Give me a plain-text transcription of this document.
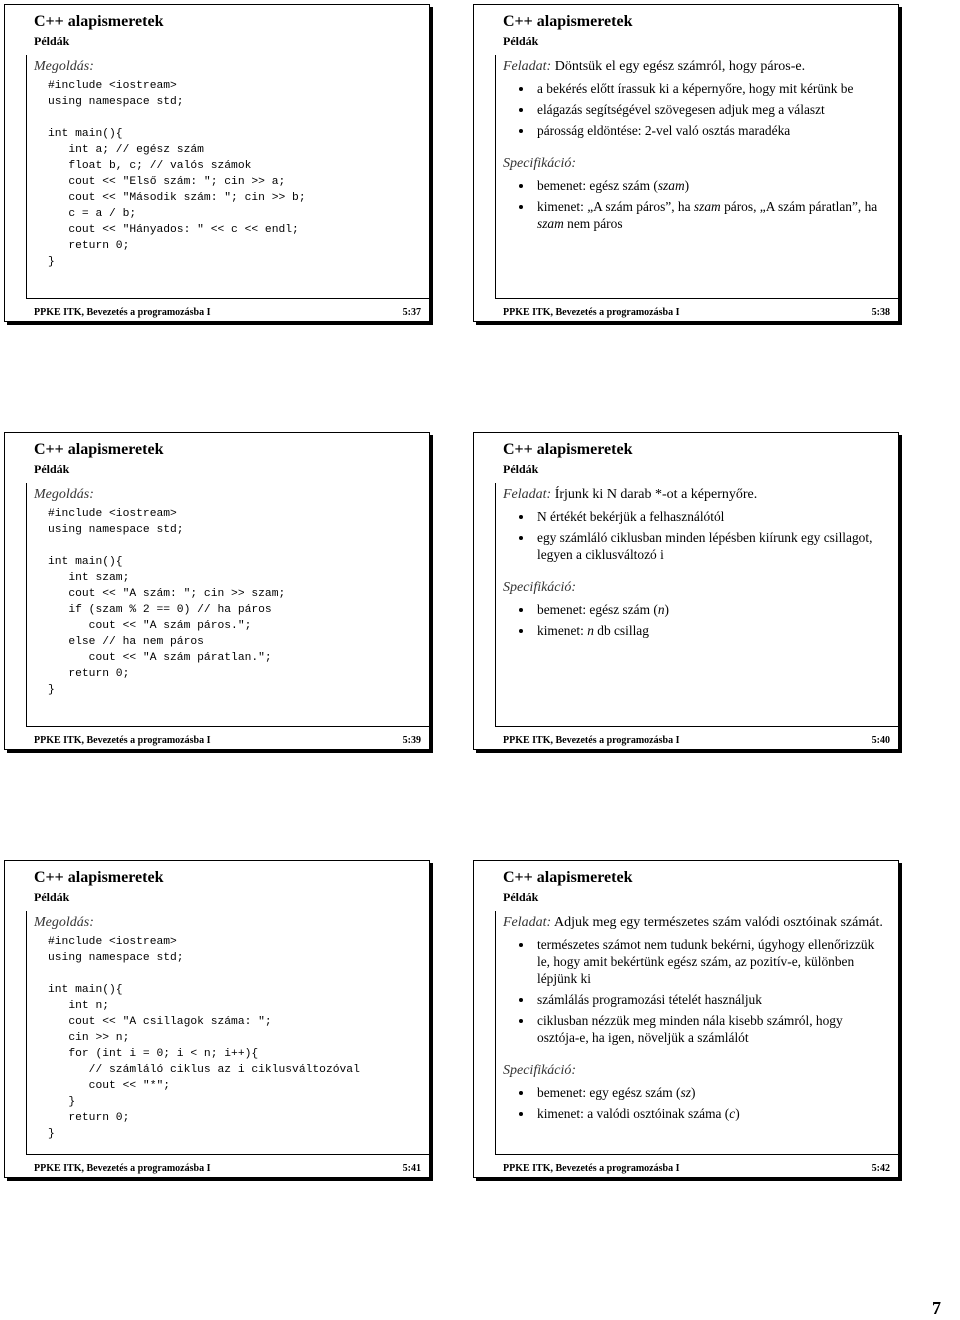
C++ alapismeretek
Példák
Megoldás:
#include <iostream>
using namespace std;

int main(){
int a; // egész szám
float b, c; // valós számok
cout << "Első szám: "; cin >> a;
cout << "Második szám: "; cin >> b;
c = a / b;
cout << "Hányados: " << c << endl;
return 0;
}
PPKE ITK, Bevezetés a programozásba I	5:37
C++ alapismeretek
Példák
Feladat: Döntsük el egy egész számról, hogy páros-e.
a bekérés előtt írassuk ki a képernyőre, hogy mit kérünk be
elágazás segítségével szövegesen adjuk meg a választ
párosság eldöntése: 2-vel való osztás maradéka
Specifikáció:
bemenet: egész szám (szam)
kimenet: „A szám páros”, ha szam páros, „A szám páratlan”, ha szam nem páros
PPKE ITK, Bevezetés a programozásba I	5:38
C++ alapismeretek
Példák
Megoldás:
#include <iostream>
using namespace std;

int main(){
int szam;
cout << "A szám: "; cin >> szam;
if (szam % 2 == 0) // ha páros
cout << "A szám páros.";
else // ha nem páros
cout << "A szám páratlan.";
return 0;
}
PPKE ITK, Bevezetés a programozásba I	5:39
C++ alapismeretek
Példák
Feladat: Írjunk ki N darab *-ot a képernyőre.
N értékét bekérjük a felhasználótól
egy számláló ciklusban minden lépésben kiírunk egy csillagot, legyen a ciklusváltozó i
Specifikáció:
bemenet: egész szám (n)
kimenet: n db csillag
PPKE ITK, Bevezetés a programozásba I	5:40
C++ alapismeretek
Példák
Megoldás:
#include <iostream>
using namespace std;

int main(){
int n;
cout << "A csillagok száma: ";
cin >> n;
for (int i = 0; i < n; i++){
// számláló ciklus az i ciklusváltozóval
cout << "*";
}
return 0;
}
PPKE ITK, Bevezetés a programozásba I	5:41
C++ alapismeretek
Példák
Feladat: Adjuk meg egy természetes szám valódi osztóinak számát.
természetes számot nem tudunk bekérni, úgyhogy ellenőrizzük le, hogy amit bekértünk egész szám, az pozitív-e, különben lépjünk ki
számlálás programozási tételét használjuk
ciklusban nézzük meg minden nála kisebb számról, hogy osztója-e, ha igen, növeljük a számlálót
Specifikáció:
bemenet: egy egész szám (sz)
kimenet: a valódi osztóinak száma (c)
PPKE ITK, Bevezetés a programozásba I	5:42
7
